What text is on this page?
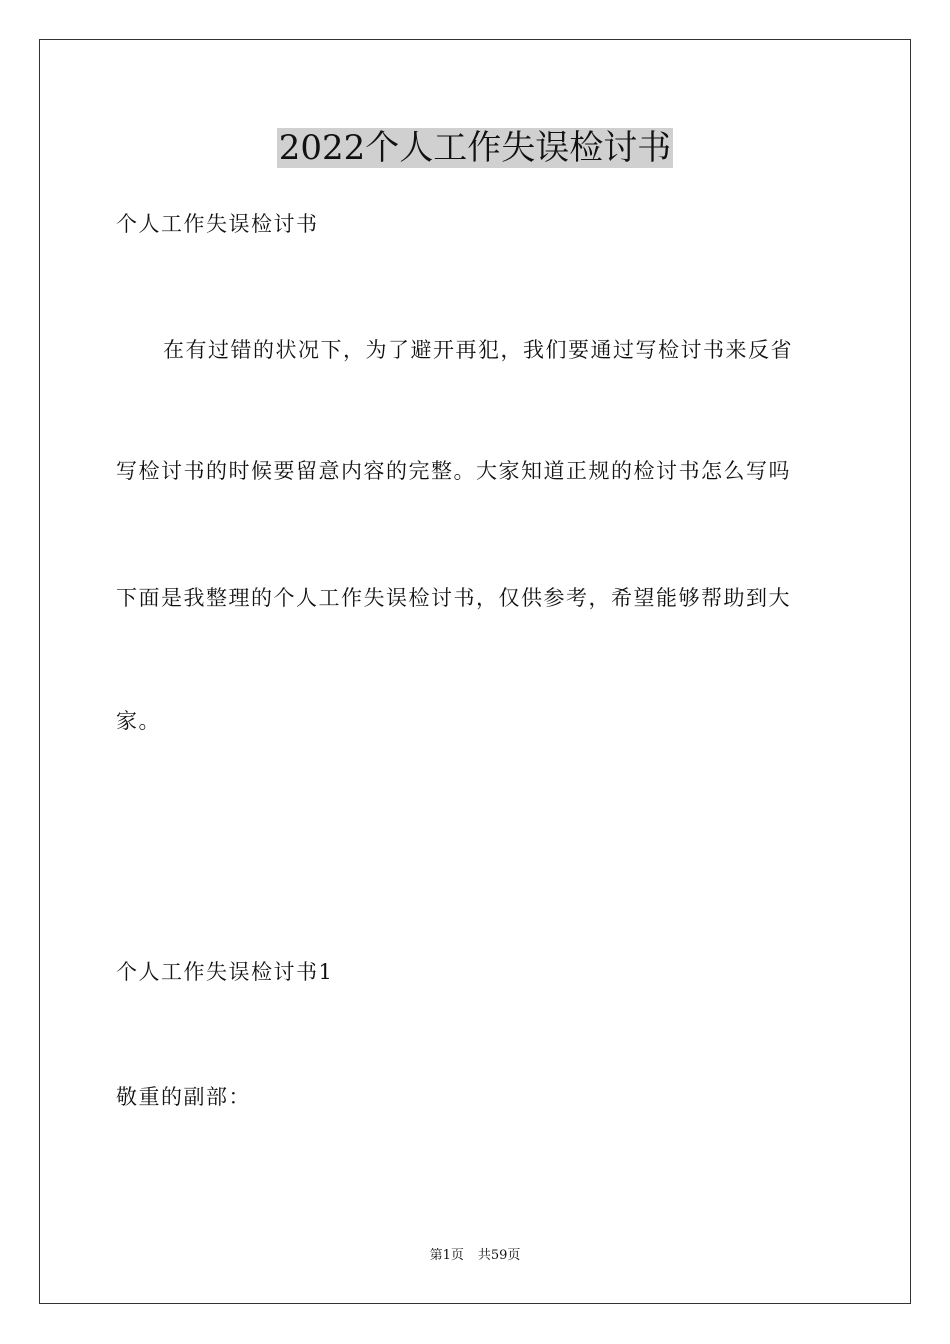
2022个人工作失误检讨书
个人工作失误检讨书
在有过错的状况下，为了避开再犯，我们要通过写检讨书来反省
写检讨书的时候要留意内容的完整。大家知道正规的检讨书怎么写吗
下面是我整理的个人工作失误检讨书，仅供参考，希望能够帮助到大
家。
个人工作失误检讨书1
敬重的副部：
第1页 共59页
